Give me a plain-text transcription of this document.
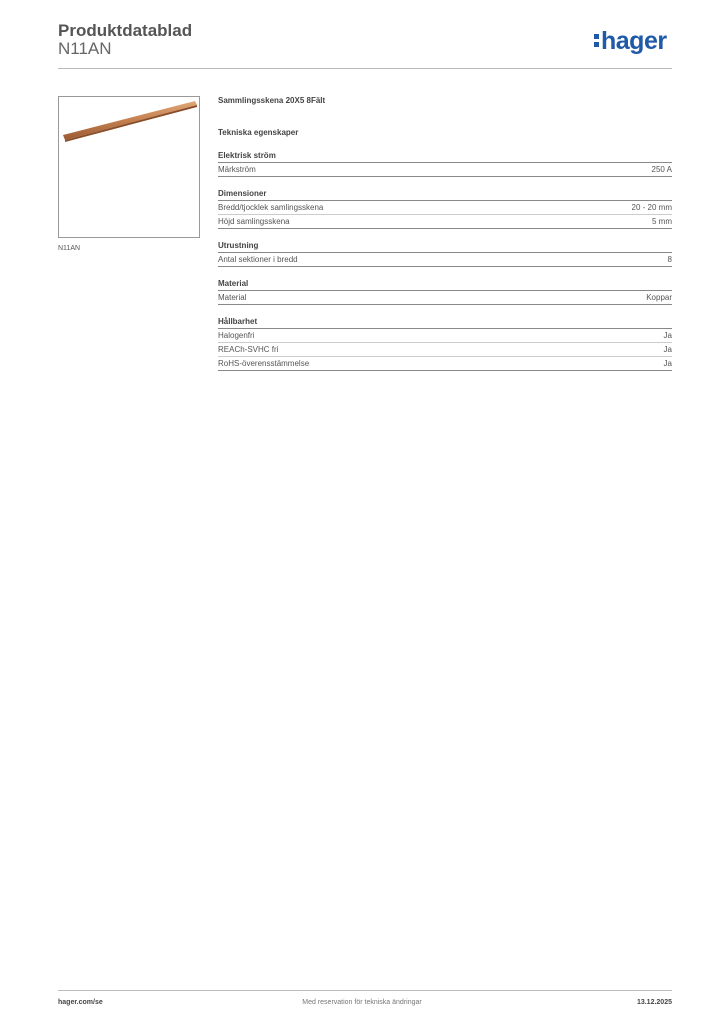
Produktdatablad
N11AN	hager
N11AN
Sammlingsskena 20X5 8Fält
Tekniska egenskaper
Elektrisk ström
Märkström	250 A
Dimensioner
Bredd/tjocklek samlingsskena	20 - 20 mm
Höjd samlingsskena	5 mm
Utrustning
Antal sektioner i bredd	8
Material
Material	Koppar
Hållbarhet
Halogenfri	Ja
REACh-SVHC fri	Ja
RoHS-överensstämmelse	Ja
hager.com/se	Med reservation för tekniska ändringar	13.12.2025
